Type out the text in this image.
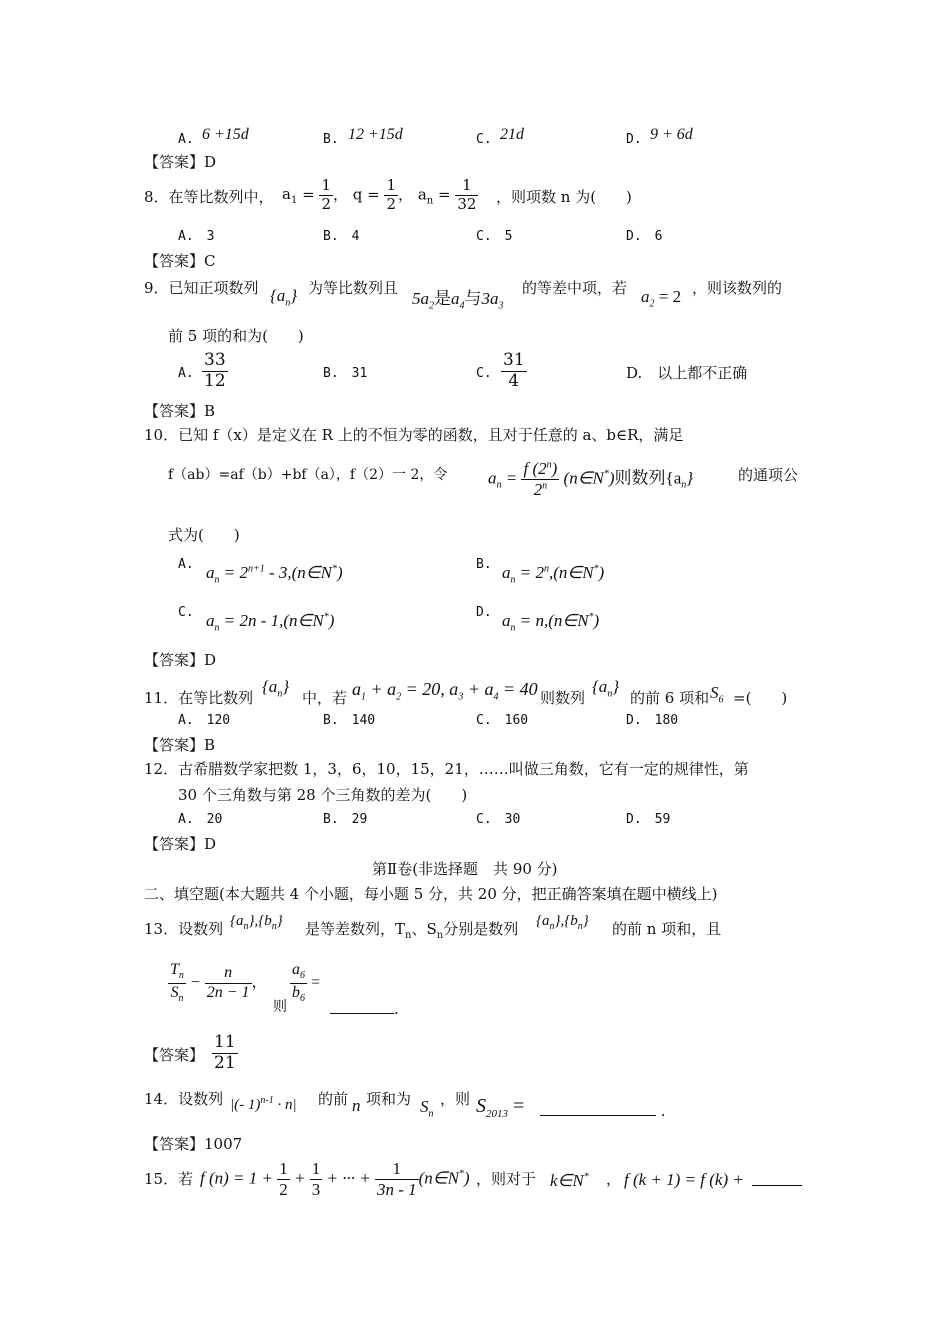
A. 6 +15d	B. 12 +15d	C. 21d	D. 9 + 6d
【答案】D
8．在等比数列中， $a_1 = \frac{1}{2}$ ， $q = \frac{1}{2}$ ， $a_n = \frac{1}{32}$ ，则项数 n 为(　　)
A.　3	B.　4	C.　5	D.　6
【答案】C
9．已知正项数列 $\{a_n\}$ 为等比数列且
$5a_2$是$a_4$与$3a_3$
的等差中项，若 $a_2 = 2$ ，则该数列的
前 5 项的和为(　　)
A. $\frac{33}{12}$	B.　31	C. $\frac{31}{4}$	D.　以上都不正确
【答案】B
10．已知 f（x）是定义在 R 上的不恒为零的函数，且对于任意的 a、b∈R，满足
f（ab）=af（b）+bf（a），f（2）一 2，令 $a_n = \frac{f (2^n)}{2^n}$ (n∈N*)则数列$\{a_n\}$	的通项公
式为(　　)
A. $a_n = 2^{n+1}$ - 3,(n∈N*)	B. $a_n$ = $2^n,(n\in N^*)$
C. $a_n = 2n$ - 1,(n∈N*)	D. $a_n$ = n,(n∈N*)
【答案】D
11．在等比数列
$\{a_n\}$
中，若 $a_1 + a_2 = 20$, $a_3 + a_4 = 40$ 则数列
$\{a_n\}$
的前 6 项和 $S_6$ =(　　)
A.　120	B.　140	C.　160	D.　180
【答案】B
12．古希腊数学家把数 1，3，6，10，15，21，……叫做三角数，它有一定的规律性，第
30 个三角数与第 28 个三角数的差为(　　)
A.　20	B.　29	C.　30	D.　59
【答案】D
第Ⅱ卷(非选择题　共 90 分)
二、填空题(本大题共 4 个小题，每小题 5 分，共 20 分，把正确答案填在题中横线上)
13．设数列 $\{a_n\},\{b_n\}$ 是等差数列，$T_n$、$S_n$分别是数列 $\{a_n\},\{b_n\}$ 的前 n 项和，且
$\frac{T_n}{S_n} - \frac{n}{2n - 1}$ ，
则
$\frac{a_6}{b_6}$ =
.
【答案】 $\frac{11}{21}$
14．设数列 |(- 1)$^{n-1}$ · n| 的前 n 项和为 $S_n$
，则 $S_{2013}$ =	.
【答案】1007
15．若 f $(n) = 1 + \frac{1}{2} + \frac{1}{3}$ + ··· + $\frac{1}{3n - 1}$ (n∈N*) ，则对于 k∈N* ， f (k + 1) = f (k) +
